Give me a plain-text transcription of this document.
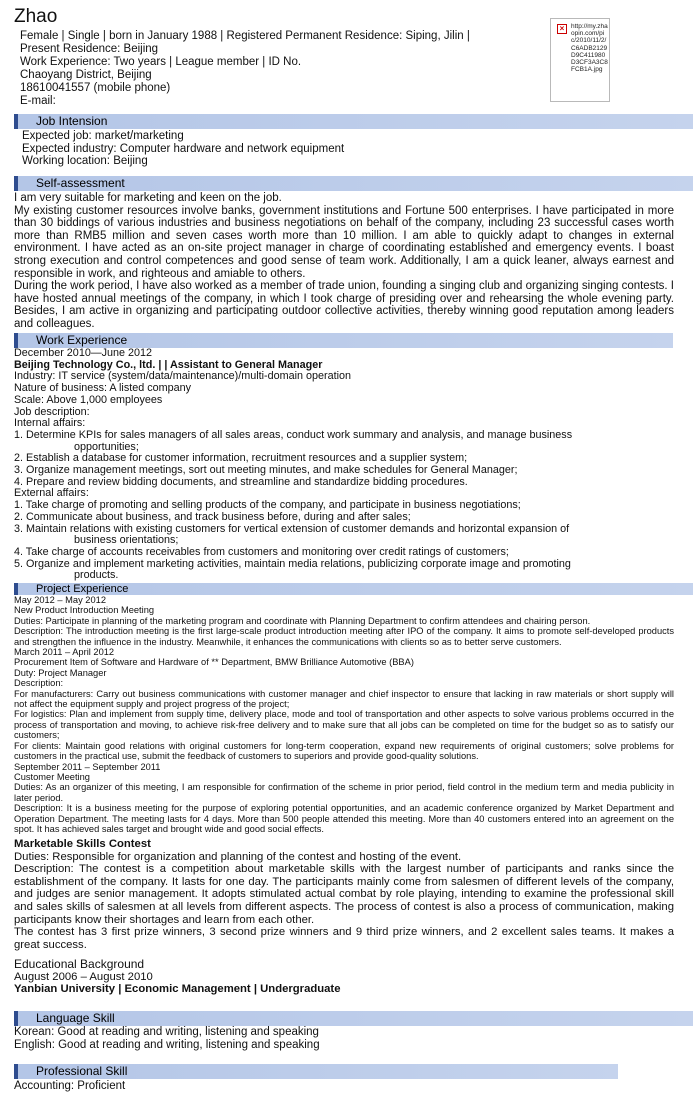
Zhao
Female | Single | born in January 1988 | Registered Permanent Residence: Siping, Jilin |
Present Residence: Beijing
Work Experience: Two years | League member | ID No.
Chaoyang District, Beijing
18610041557 (mobile phone)
E-mail:
×	http://my.zhaopin.com/pic/2010/11/2/C6ADB2129D9C411980D3CF3A3C8FCB1A.jpg
Job Intension
Expected job: market/marketing
Expected industry: Computer hardware and network equipment
Working location: Beijing
Self-assessment
I am very suitable for marketing and keen on the job.
My existing customer resources involve banks, government institutions and Fortune 500 enterprises. I have participated in more than 30 biddings of various industries and business negotiations on behalf of the company, including 23 successful cases worth more than RMB5 million and seven cases worth more than 10 million. I am able to quickly adapt to changes in external environment. I have acted as an on-site project manager in charge of coordinating established and emergency events. I boast strong execution and control competences and good sense of team work. Additionally, I am a quick leaner, always earnest and responsible in work, and righteous and amiable to others.
During the work period, I have also worked as a member of trade union, founding a singing club and organizing singing contests. I have hosted annual meetings of the company, in which I took charge of presiding over and rehearsing the whole evening party. Besides, I am active in organizing and participating outdoor collective activities, thereby winning good reputation among leaders and colleagues.
Work Experience
December 2010—June 2012
Beijing Technology Co., ltd. | | Assistant to General Manager
Industry: IT service (system/data/maintenance)/multi-domain operation
Nature of business: A listed company
Scale: Above 1,000 employees
Job description:
Internal affairs:
1. Determine KPIs for sales managers of all sales areas, conduct work summary and analysis, and manage business
opportunities;
2. Establish a database for customer information, recruitment resources and a supplier system;
3. Organize management meetings, sort out meeting minutes, and make schedules for General Manager;
4. Prepare and review bidding documents, and streamline and standardize bidding procedures.
External affairs:
1. Take charge of promoting and selling products of the company, and participate in business negotiations;
2. Communicate about business, and track business before, during and after sales;
3. Maintain relations with existing customers for vertical extension of customer demands and horizontal expansion of
business orientations;
4. Take charge of accounts receivables from customers and monitoring over credit ratings of customers;
5. Organize and implement marketing activities, maintain media relations, publicizing corporate image and promoting
products.
Project Experience
May 2012 – May 2012
New Product Introduction Meeting
Duties: Participate in planning of the marketing program and coordinate with Planning Department to confirm attendees and chairing person.
Description: The introduction meeting is the first large-scale product introduction meeting after IPO of the company. It aims to promote self-developed products and strengthen the influence in the industry. Meanwhile, it enhances the communications with clients so as to better serve customers.
March 2011 – April 2012
Procurement Item of Software and Hardware of ** Department, BMW Brilliance Automotive (BBA)
Duty: Project Manager
Description:
For manufacturers: Carry out business communications with customer manager and chief inspector to ensure that lacking in raw materials or short supply will not affect the equipment supply and project progress of the project;
For logistics: Plan and implement from supply time, delivery place, mode and tool of transportation and other aspects to solve various problems occurred in the process of transportation and moving, to achieve risk-free delivery and to make sure that all jobs can be completed on time for the budget so as to satisfy our customers;
For clients: Maintain good relations with original customers for long-term cooperation, expand new requirements of original customers; solve problems for customers in the practical use, submit the feedback of customers to superiors and provide good-quality solutions.
September 2011 – September 2011
Customer Meeting
Duties: As an organizer of this meeting, I am responsible for confirmation of the scheme in prior period, field control in the medium term and media publicity in later period.
Description: It is a business meeting for the purpose of exploring potential opportunities, and an academic conference organized by Market Department and Operation Department. The meeting lasts for 4 days. More than 500 people attended this meeting. More than 40 customers entered into an agreement on the spot. It has achieved sales target and brought wide and good social effects.
Marketable Skills Contest
Duties: Responsible for organization and planning of the contest and hosting of the event.
Description: The contest is a competition about marketable skills with the largest number of participants and ranks since the establishment of the company. It lasts for one day. The participants mainly come from salesmen of different levels of the company, and judges are senior management. It adopts stimulated actual combat by role playing, intending to examine the professional skill and sales skills of salesmen at all levels from different aspects. The process of contest is also a process of communication, making participants know their shortages and learn from each other.
The contest has 3 first prize winners, 3 second prize winners and 9 third prize winners, and 2 excellent sales teams. It makes a great success.
Educational Background
August 2006 – August 2010
Yanbian University | Economic Management | Undergraduate
Language Skill
Korean: Good at reading and writing, listening and speaking
English: Good at reading and writing, listening and speaking
Professional Skill
Accounting: Proficient
